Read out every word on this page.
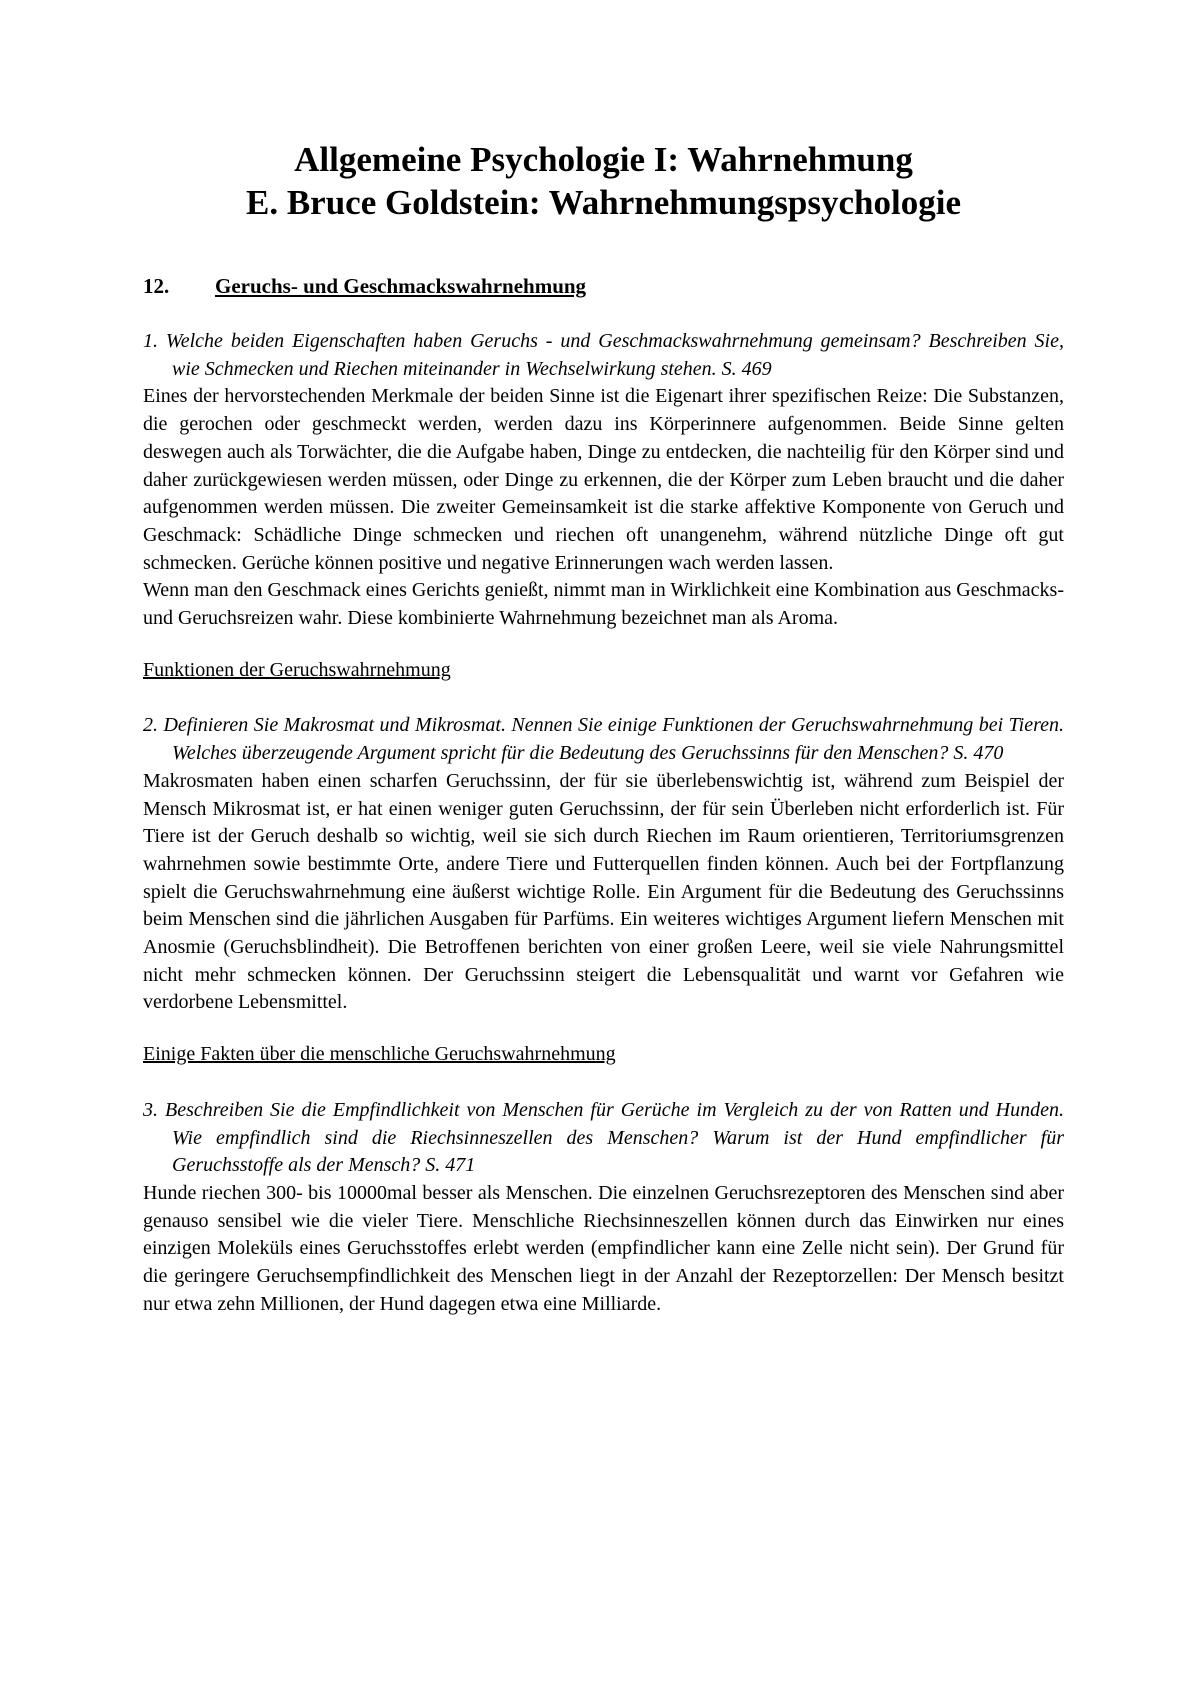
Allgemeine Psychologie I: Wahrnehmung
E. Bruce Goldstein: Wahrnehmungspsychologie
12. Geruchs- und Geschmackswahrnehmung

1. Welche beiden Eigenschaften haben Geruchs - und Geschmackswahrnehmung gemeinsam? Beschreiben Sie, wie Schmecken und Riechen miteinander in Wechselwirkung stehen. S. 469

Eines der hervorstechenden Merkmale der beiden Sinne ist die Eigenart ihrer spezifischen Reize: Die Substanzen, die gerochen oder geschmeckt werden, werden dazu ins Körperinnere aufgenommen. Beide Sinne gelten deswegen auch als Torwächter, die die Aufgabe haben, Dinge zu entdecken, die nachteilig für den Körper sind und daher zurückgewiesen werden müssen, oder Dinge zu erkennen, die der Körper zum Leben braucht und die daher aufgenommen werden müssen. Die zweiter Gemeinsamkeit ist die starke affektive Komponente von Geruch und Geschmack: Schädliche Dinge schmecken und riechen oft unangenehm, während nützliche Dinge oft gut schmecken. Gerüche können positive und negative Erinnerungen wach werden lassen.

Wenn man den Geschmack eines Gerichts genießt, nimmt man in Wirklichkeit eine Kombination aus Geschmacks- und Geruchsreizen wahr. Diese kombinierte Wahrnehmung bezeichnet man als Aroma.

Funktionen der Geruchswahrnehmung

2. Definieren Sie Makrosmat und Mikrosmat. Nennen Sie einige Funktionen der Geruchswahrnehmung bei Tieren. Welches überzeugende Argument spricht für die Bedeutung des Geruchssinns für den Menschen? S. 470

Makrosmaten haben einen scharfen Geruchssinn, der für sie überlebenswichtig ist, während zum Beispiel der Mensch Mikrosmat ist, er hat einen weniger guten Geruchssinn, der für sein Überleben nicht erforderlich ist. Für Tiere ist der Geruch deshalb so wichtig, weil sie sich durch Riechen im Raum orientieren, Territoriumsgrenzen wahrnehmen sowie bestimmte Orte, andere Tiere und Futterquellen finden können. Auch bei der Fortpflanzung spielt die Geruchswahrnehmung eine äußerst wichtige Rolle. Ein Argument für die Bedeutung des Geruchssinns beim Menschen sind die jährlichen Ausgaben für Parfüms. Ein weiteres wichtiges Argument liefern Menschen mit Anosmie (Geruchsblindheit). Die Betroffenen berichten von einer großen Leere, weil sie viele Nahrungsmittel nicht mehr schmecken können. Der Geruchssinn steigert die Lebensqualität und warnt vor Gefahren wie verdorbene Lebensmittel.

Einige Fakten über die menschliche Geruchswahrnehmung

3. Beschreiben Sie die Empfindlichkeit von Menschen für Gerüche im Vergleich zu der von Ratten und Hunden. Wie empfindlich sind die Riechsinneszellen des Menschen? Warum ist der Hund empfindlicher für Geruchsstoffe als der Mensch? S. 471

Hunde riechen 300- bis 10000mal besser als Menschen. Die einzelnen Geruchsrezeptoren des Menschen sind aber genauso sensibel wie die vieler Tiere. Menschliche Riechsinneszellen können durch das Einwirken nur eines einzigen Moleküls eines Geruchsstoffes erlebt werden (empfindlicher kann eine Zelle nicht sein). Der Grund für die geringere Geruchsempfindlichkeit des Menschen liegt in der Anzahl der Rezeptorzellen: Der Mensch besitzt nur etwa zehn Millionen, der Hund dagegen etwa eine Milliarde.
